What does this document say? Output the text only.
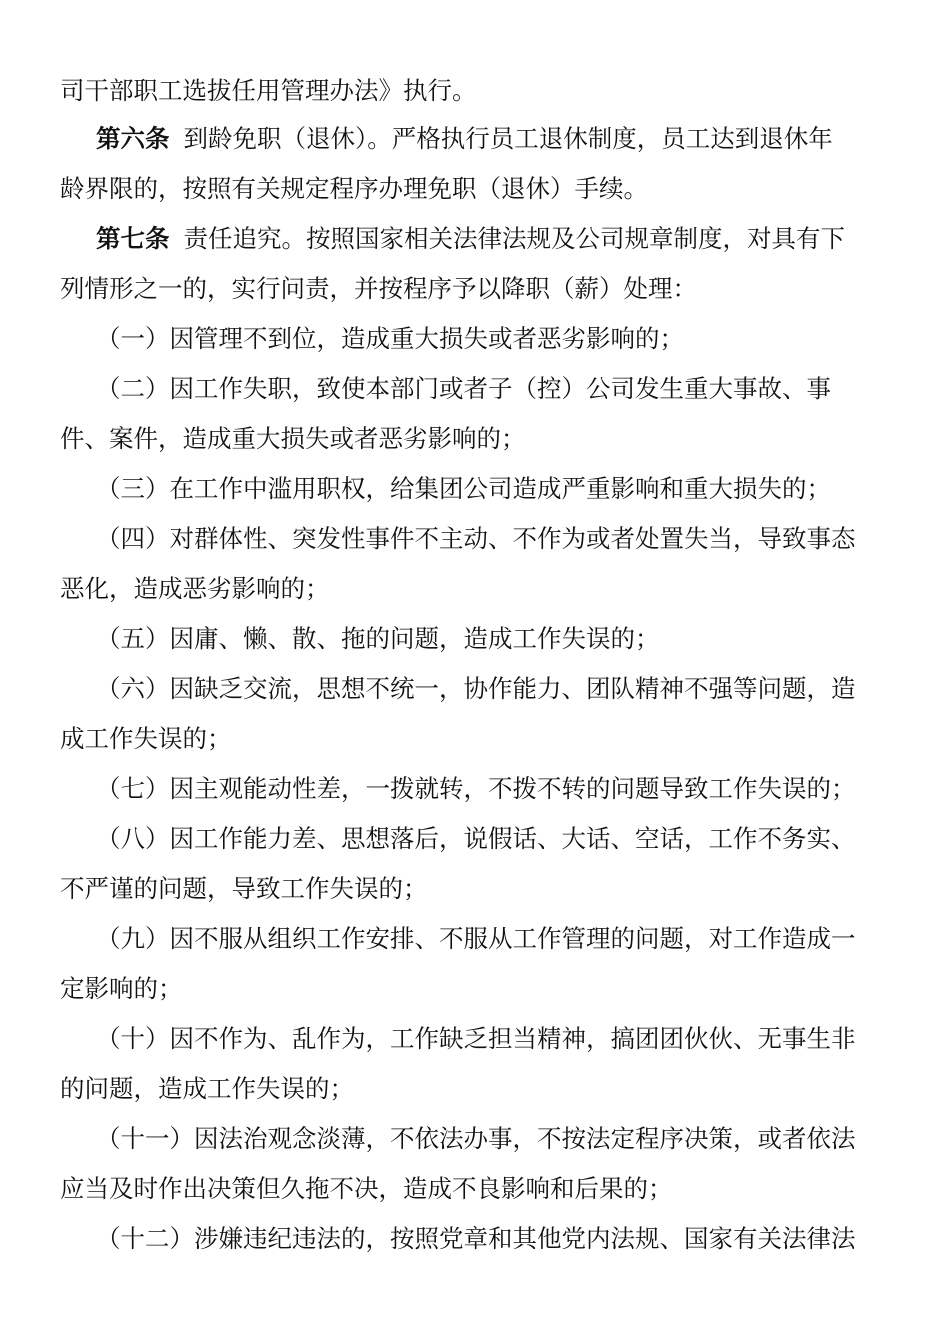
司干部职工选拔任用管理办法》执行。
第六条 到龄免职（退休）。严格执行员工退休制度，员工达到退休年
龄界限的，按照有关规定程序办理免职（退休）手续。
第七条 责任追究。按照国家相关法律法规及公司规章制度，对具有下
列情形之一的，实行问责，并按程序予以降职（薪）处理：
（一）因管理不到位，造成重大损失或者恶劣影响的；
（二）因工作失职，致使本部门或者子（控）公司发生重大事故、事
件、案件，造成重大损失或者恶劣影响的；
（三）在工作中滥用职权，给集团公司造成严重影响和重大损失的；
（四）对群体性、突发性事件不主动、不作为或者处置失当，导致事态
恶化，造成恶劣影响的；
（五）因庸、懒、散、拖的问题，造成工作失误的；
（六）因缺乏交流，思想不统一，协作能力、团队精神不强等问题，造
成工作失误的；
（七）因主观能动性差，一拨就转，不拨不转的问题导致工作失误的；
（八）因工作能力差、思想落后，说假话、大话、空话，工作不务实、
不严谨的问题，导致工作失误的；
（九）因不服从组织工作安排、不服从工作管理的问题，对工作造成一
定影响的；
（十）因不作为、乱作为，工作缺乏担当精神，搞团团伙伙、无事生非
的问题，造成工作失误的；
（十一）因法治观念淡薄，不依法办事，不按法定程序决策，或者依法
应当及时作出决策但久拖不决，造成不良影响和后果的；
（十二）涉嫌违纪违法的，按照党章和其他党内法规、国家有关法律法
